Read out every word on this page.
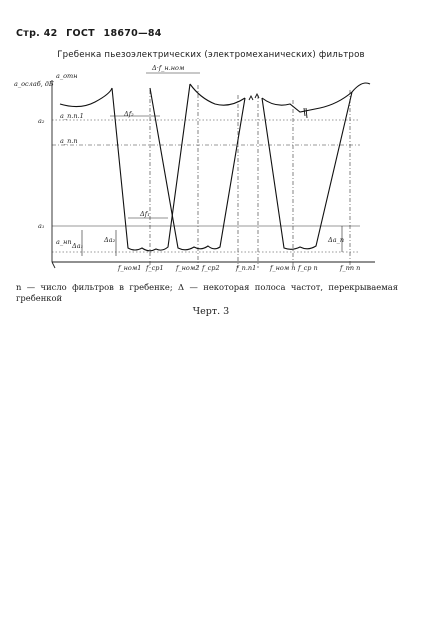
Стр. 42 ГОСТ 18670—84
Гребенка пьезоэлектрических (электромеханических) фильтров
a_ослаб, дБ
a_отн
a₂
a_п.п.1
a_п.п
a₁
a_нп Δa₁
Δa₂	Δa_п
Δf₂
Δf₁
Δ·f_н.ном
f_ном1 f_ср1 f_ном2 f_ср2	f_п.п1 f_ном n f_ср n	f_пп n
n — число фильтров в гребенке; Δ — некоторая полоса частот, перекрываемая гребенкой
Черт. 3
